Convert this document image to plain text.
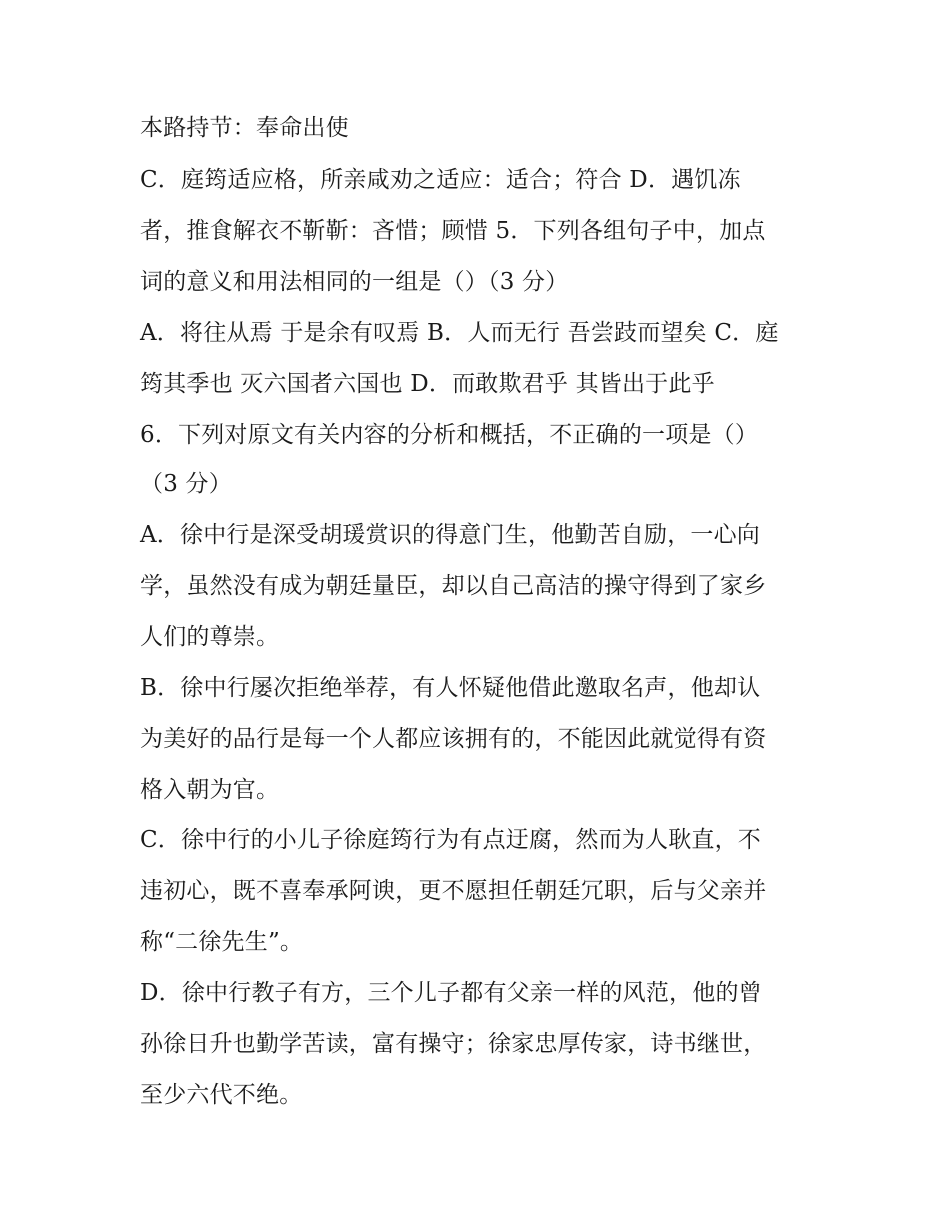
本路持节：奉命出使
C．庭筠适应格，所亲咸劝之适应：适合；符合 D．遇饥冻
者，推食解衣不靳靳：吝惜；顾惜 5．下列各组句子中，加点
词的意义和用法相同的一组是（）（3 分）
A．将往从焉 于是余有叹焉 B．人而无行 吾尝跂而望矣 C．庭
筠其季也 灭六国者六国也 D．而敢欺君乎 其皆出于此乎
6．下列对原文有关内容的分析和概括，不正确的一项是（）
（3 分）
A．徐中行是深受胡瑗赏识的得意门生，他勤苦自励，一心向
学，虽然没有成为朝廷量臣，却以自己高洁的操守得到了家乡
人们的尊崇。
B．徐中行屡次拒绝举荐，有人怀疑他借此邀取名声，他却认
为美好的品行是每一个人都应该拥有的，不能因此就觉得有资
格入朝为官。
C．徐中行的小儿子徐庭筠行为有点迂腐，然而为人耿直，不
违初心，既不喜奉承阿谀，更不愿担任朝廷冗职，后与父亲并
称“二徐先生”。
D．徐中行教子有方，三个儿子都有父亲一样的风范，他的曾
孙徐日升也勤学苦读，富有操守；徐家忠厚传家，诗书继世，
至少六代不绝。
